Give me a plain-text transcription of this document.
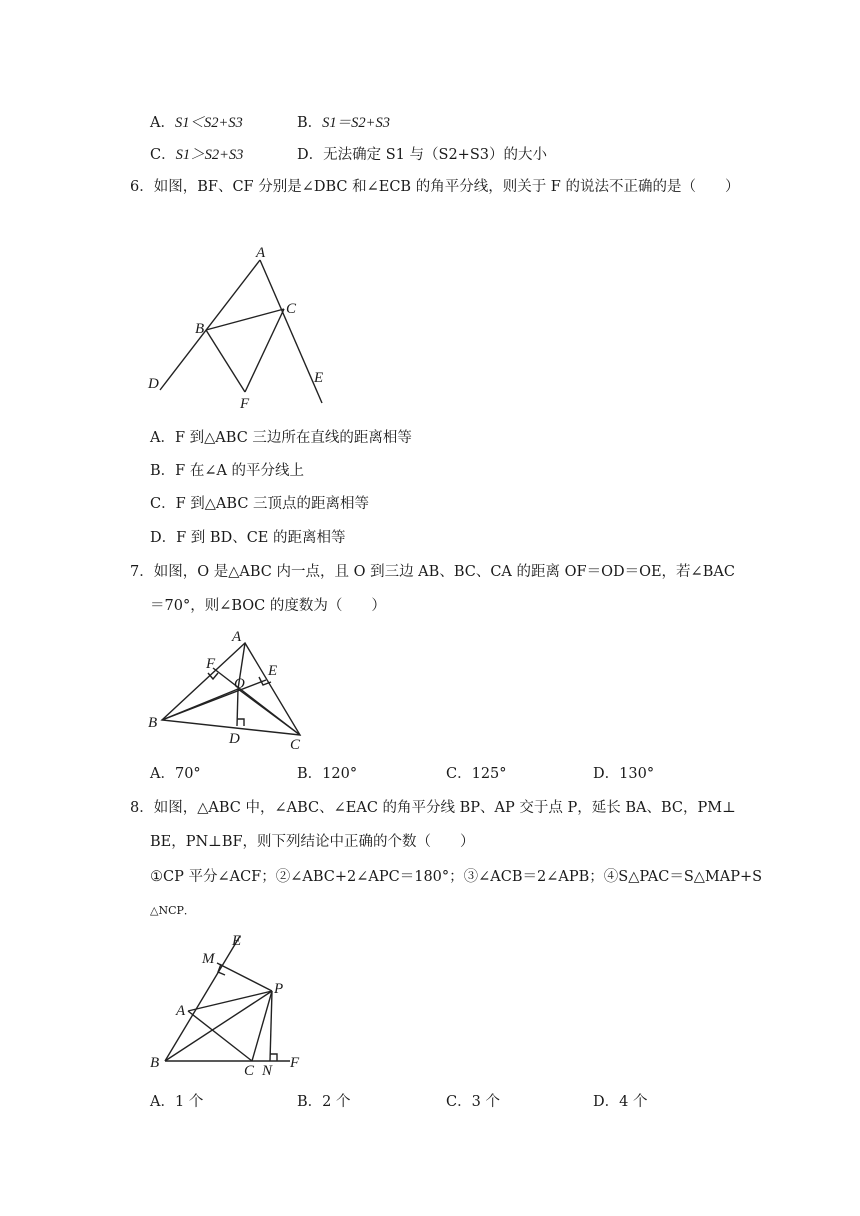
A．S1＜S2+S3	B．S1＝S2+S3
C．S1＞S2+S3	D．无法确定 S1 与（S2+S3）的大小
6．如图，BF、CF 分别是∠DBC 和∠ECB 的角平分线，则关于 F 的说法不正确的是（　　）
A
B
C
D	E
F
A．F 到△ABC 三边所在直线的距离相等
B．F 在∠A 的平分线上
C．F 到△ABC 三顶点的距离相等
D．F 到 BD、CE 的距离相等
7．如图，O 是△ABC 内一点，且 O 到三边 AB、BC、CA 的距离 OF＝OD＝OE，若∠BAC
＝70°，则∠BOC 的度数为（　　）
A
F	E
O
B
D	C
A．70°	B．120°	C．125°	D．130°
8．如图，△ABC 中，∠ABC、∠EAC 的角平分线 BP、AP 交于点 P，延长 BA、BC，PM⊥
BE，PN⊥BF，则下列结论中正确的个数（　　）
①CP 平分∠ACF；②∠ABC+2∠APC＝180°；③∠ACB＝2∠APB；④S△PAC＝S△MAP+S
△NCP．
E
M
P
A
B	C N F
A．1 个	B．2 个	C．3 个	D．4 个
